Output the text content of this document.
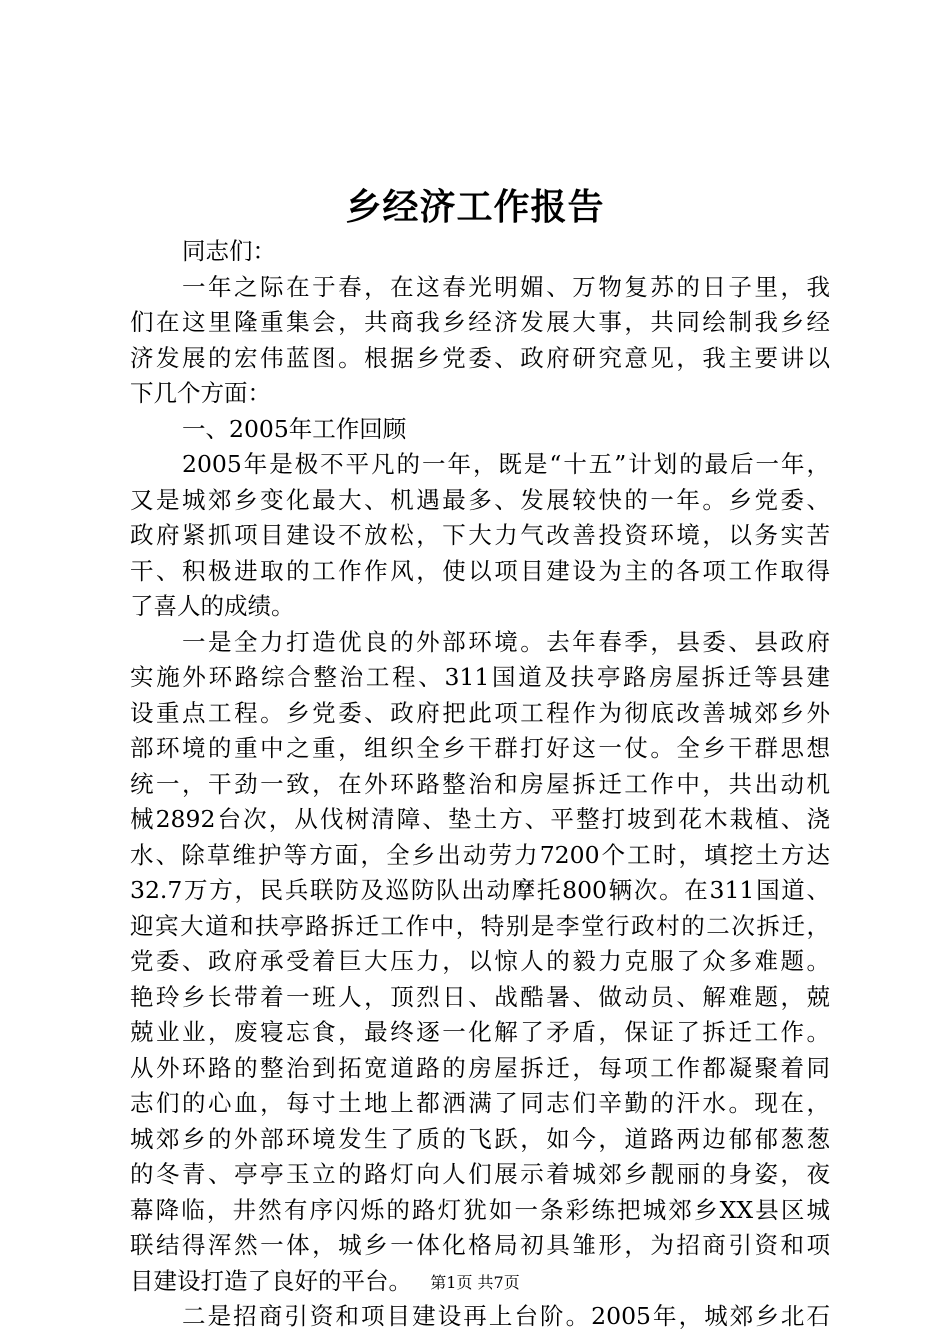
乡经济工作报告
同志们：
一年之际在于春，在这春光明媚、万物复苏的日子里，我
们在这里隆重集会，共商我乡经济发展大事，共同绘制我乡经
济发展的宏伟蓝图。根据乡党委、政府研究意见，我主要讲以
下几个方面：
一、2005年工作回顾
2005年是极不平凡的一年，既是“十五”计划的最后一年，
又是城郊乡变化最大、机遇最多、发展较快的一年。乡党委、
政府紧抓项目建设不放松，下大力气改善投资环境，以务实苦
干、积极进取的工作作风，使以项目建设为主的各项工作取得
了喜人的成绩。
一是全力打造优良的外部环境。去年春季，县委、县政府
实施外环路综合整治工程、311国道及扶亭路房屋拆迁等县建
设重点工程。乡党委、政府把此项工程作为彻底改善城郊乡外
部环境的重中之重，组织全乡干群打好这一仗。全乡干群思想
统一，干劲一致，在外环路整治和房屋拆迁工作中，共出动机
械2892台次，从伐树清障、垫土方、平整打坡到花木栽植、浇
水、除草维护等方面，全乡出动劳力7200个工时，填挖土方达
32.7万方，民兵联防及巡防队出动摩托800辆次。在311国道、
迎宾大道和扶亭路拆迁工作中，特别是李堂行政村的二次拆迁，
党委、政府承受着巨大压力，以惊人的毅力克服了众多难题。
艳玲乡长带着一班人，顶烈日、战酷暑、做动员、解难题，兢
兢业业，废寝忘食，最终逐一化解了矛盾，保证了拆迁工作。
从外环路的整治到拓宽道路的房屋拆迁，每项工作都凝聚着同
志们的心血，每寸土地上都洒满了同志们辛勤的汗水。现在，
城郊乡的外部环境发生了质的飞跃，如今，道路两边郁郁葱葱
的冬青、亭亭玉立的路灯向人们展示着城郊乡靓丽的身姿，夜
幕降临，井然有序闪烁的路灯犹如一条彩练把城郊乡XX县区城
联结得浑然一体，城乡一体化格局初具雏形，为招商引资和项
目建设打造了良好的平台。
二是招商引资和项目建设再上台阶。2005年，城郊乡北石
第1页 共7页
